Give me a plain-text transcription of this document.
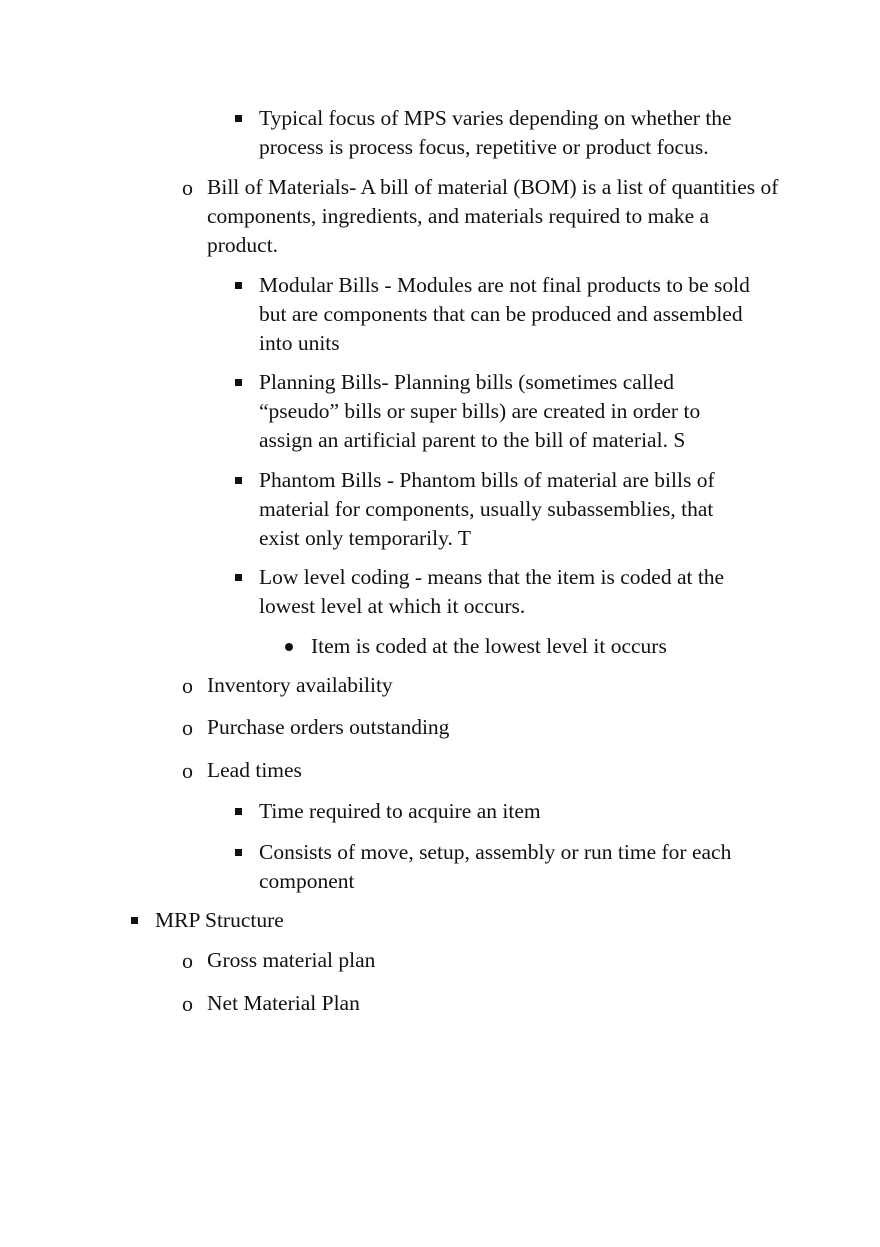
Typical focus of MPS varies depending on whether the process is process focus, repetitive or product focus.
o Bill of Materials- A bill of material (BOM) is a list of quantities of components, ingredients, and materials required to make a product.
Modular Bills - Modules are not final products to be sold but are components that can be produced and assembled into units
Planning Bills- Planning bills (sometimes called “pseudo” bills or super bills) are created in order to assign an artificial parent to the bill of material. S
Phantom Bills - Phantom bills of material are bills of material for components, usually subassemblies, that exist only temporarily. T
Low level coding - means that the item is coded at the lowest level at which it occurs.
Item is coded at the lowest level it occurs
o Inventory availability
o Purchase orders outstanding
o Lead times
Time required to acquire an item
Consists of move, setup, assembly or run time for each component
MRP Structure
o Gross material plan
o Net Material Plan
